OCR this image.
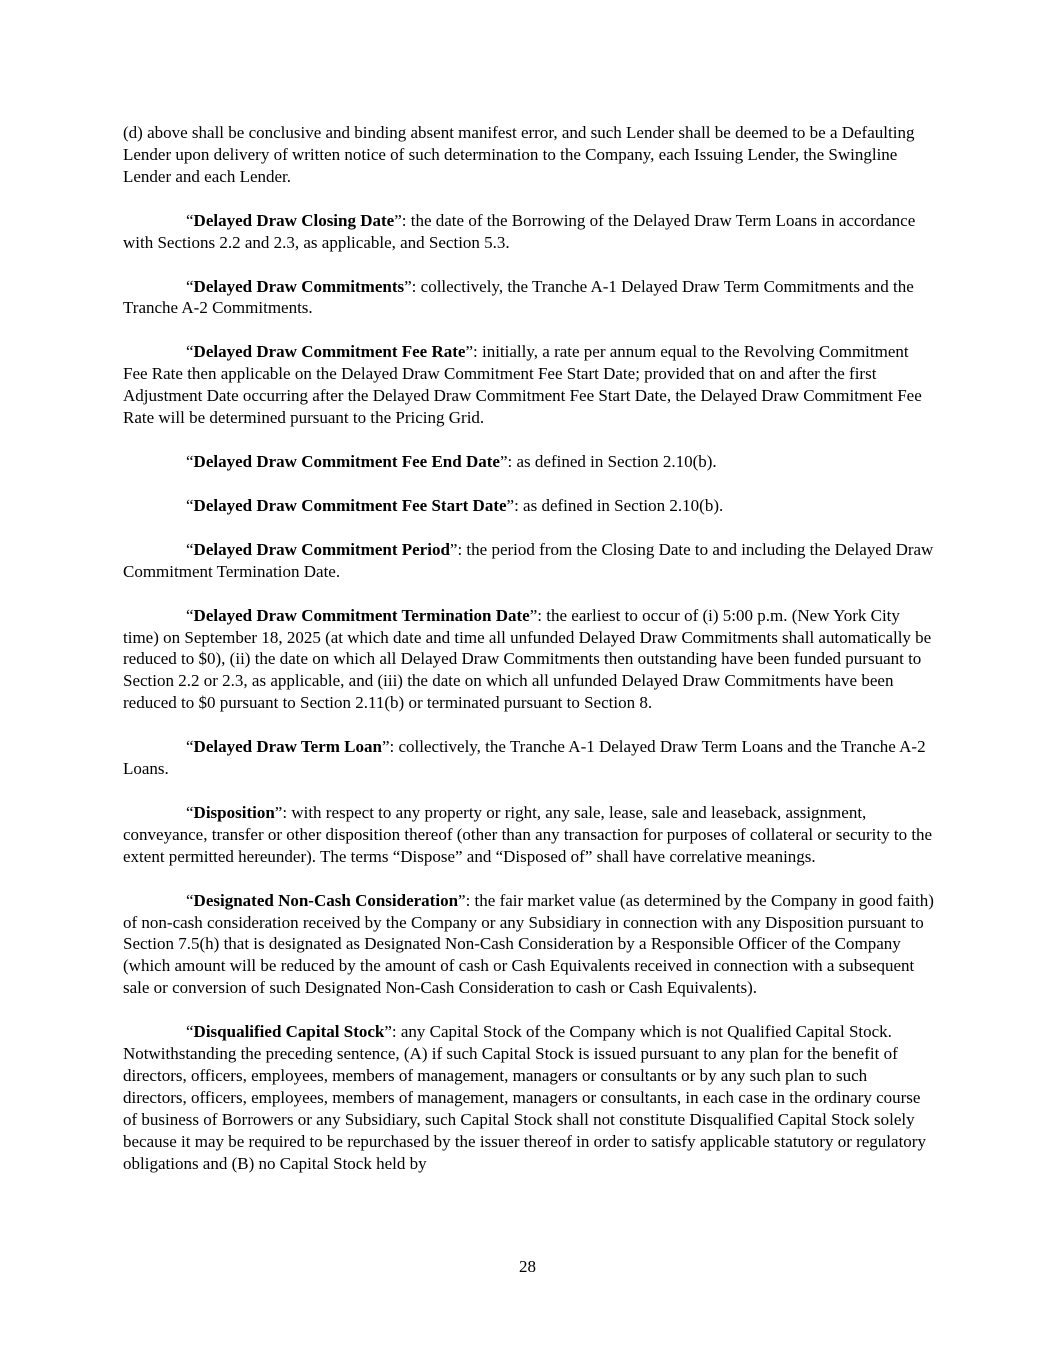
(d) above shall be conclusive and binding absent manifest error, and such Lender shall be deemed to be a Defaulting Lender upon delivery of written notice of such determination to the Company, each Issuing Lender, the Swingline Lender and each Lender.

“Delayed Draw Closing Date”: the date of the Borrowing of the Delayed Draw Term Loans in accordance with Sections 2.2 and 2.3, as applicable, and Section 5.3.

“Delayed Draw Commitments”: collectively, the Tranche A-1 Delayed Draw Term Commitments and the Tranche A-2 Commitments.

“Delayed Draw Commitment Fee Rate”: initially, a rate per annum equal to the Revolving Commitment Fee Rate then applicable on the Delayed Draw Commitment Fee Start Date; provided that on and after the first Adjustment Date occurring after the Delayed Draw Commitment Fee Start Date, the Delayed Draw Commitment Fee Rate will be determined pursuant to the Pricing Grid.

“Delayed Draw Commitment Fee End Date”: as defined in Section 2.10(b).

“Delayed Draw Commitment Fee Start Date”: as defined in Section 2.10(b).

“Delayed Draw Commitment Period”: the period from the Closing Date to and including the Delayed Draw Commitment Termination Date.

“Delayed Draw Commitment Termination Date”: the earliest to occur of (i) 5:00 p.m. (New York City time) on September 18, 2025 (at which date and time all unfunded Delayed Draw Commitments shall automatically be reduced to $0), (ii) the date on which all Delayed Draw Commitments then outstanding have been funded pursuant to Section 2.2 or 2.3, as applicable, and (iii) the date on which all unfunded Delayed Draw Commitments have been reduced to $0 pursuant to Section 2.11(b) or terminated pursuant to Section 8.

“Delayed Draw Term Loan”: collectively, the Tranche A-1 Delayed Draw Term Loans and the Tranche A-2 Loans.

“Disposition”: with respect to any property or right, any sale, lease, sale and leaseback, assignment, conveyance, transfer or other disposition thereof (other than any transaction for purposes of collateral or security to the extent permitted hereunder). The terms “Dispose” and “Disposed of” shall have correlative meanings.

“Designated Non-Cash Consideration”: the fair market value (as determined by the Company in good faith) of non-cash consideration received by the Company or any Subsidiary in connection with any Disposition pursuant to Section 7.5(h) that is designated as Designated Non-Cash Consideration by a Responsible Officer of the Company (which amount will be reduced by the amount of cash or Cash Equivalents received in connection with a subsequent sale or conversion of such Designated Non-Cash Consideration to cash or Cash Equivalents).

“Disqualified Capital Stock”: any Capital Stock of the Company which is not Qualified Capital Stock. Notwithstanding the preceding sentence, (A) if such Capital Stock is issued pursuant to any plan for the benefit of directors, officers, employees, members of management, managers or consultants or by any such plan to such directors, officers, employees, members of management, managers or consultants, in each case in the ordinary course of business of Borrowers or any Subsidiary, such Capital Stock shall not constitute Disqualified Capital Stock solely because it may be required to be repurchased by the issuer thereof in order to satisfy applicable statutory or regulatory obligations and (B) no Capital Stock held by

28
